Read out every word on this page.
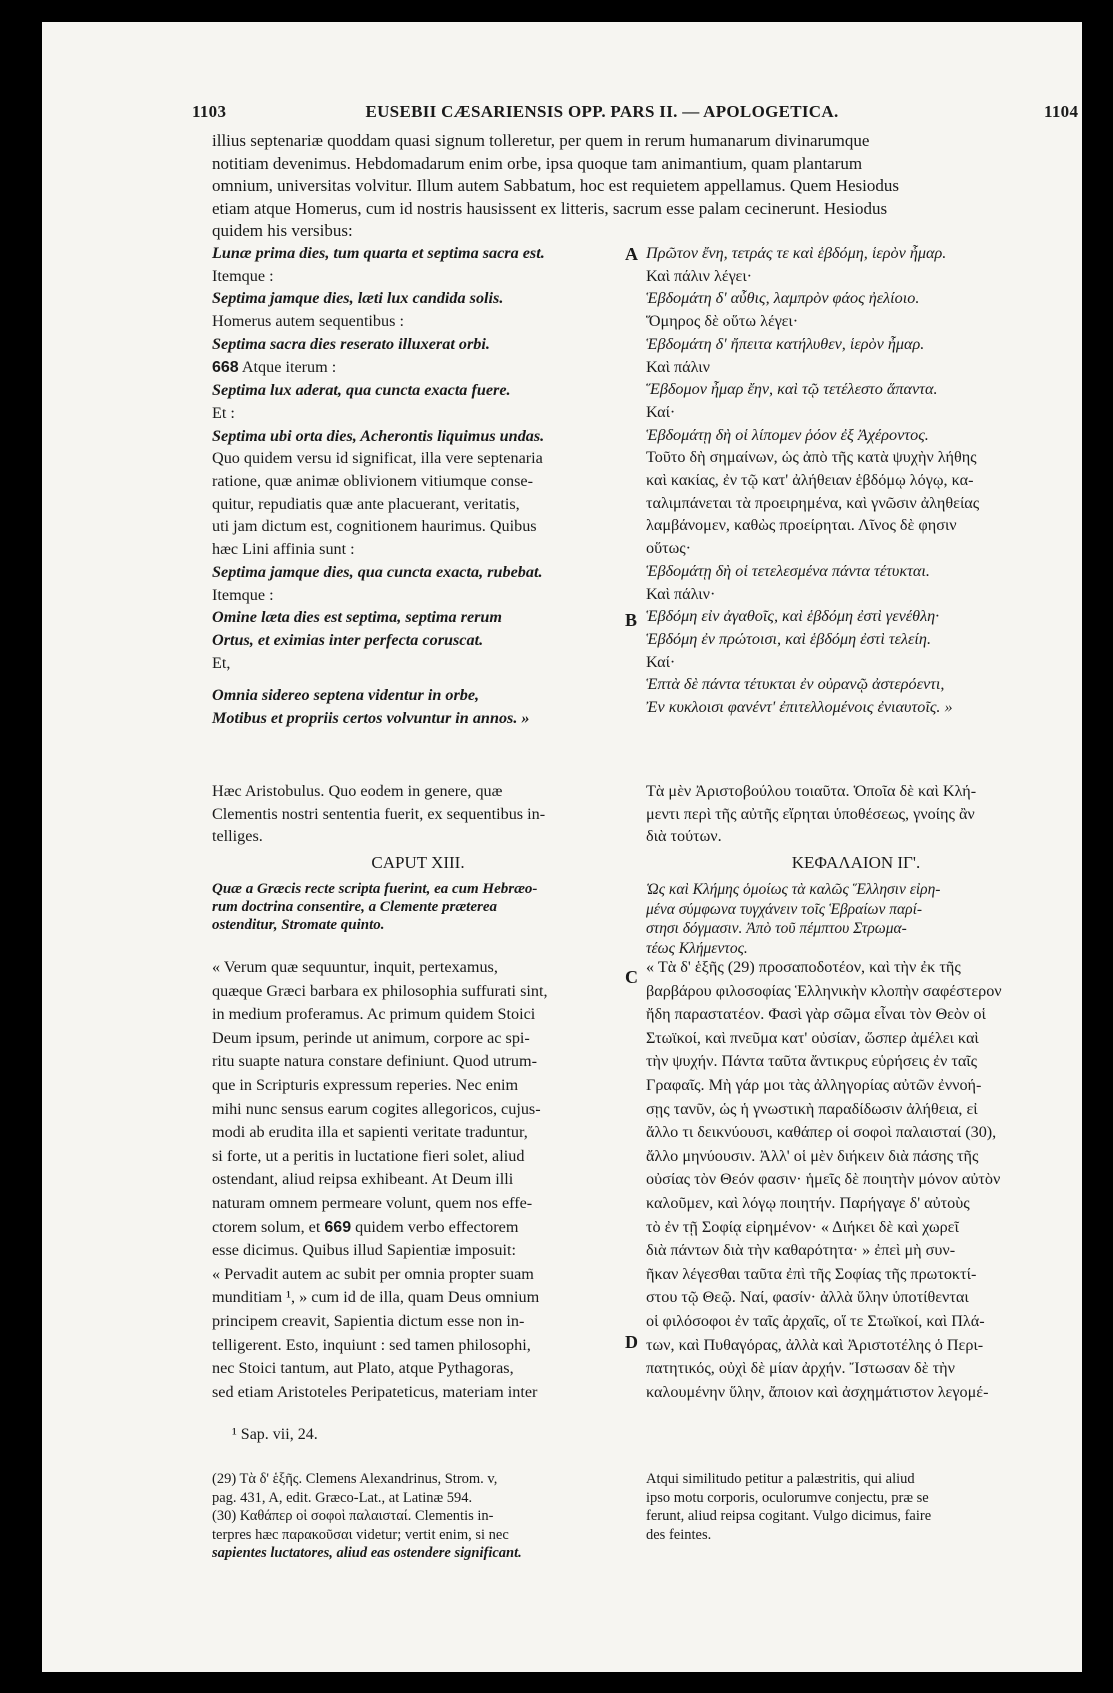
1103	EUSEBII CÆSARIENSIS OPP. PARS II. — APOLOGETICA.	1104
illius septenariæ quoddam quasi signum tolleretur, per quem in rerum humanarum divinarumque
notitiam devenimus. Hebdomadarum enim orbe, ipsa quoque tam animantium, quam plantarum
omnium, universitas volvitur. Illum autem Sabbatum, hoc est requietem appellamus. Quem Hesiodus
etiam atque Homerus, cum id nostris hausissent ex litteris, sacrum esse palam cecinerunt. Hesiodus
quidem his versibus:
A
B
C
D
Lunæ prima dies, tum quarta et septima sacra est.
Itemque :
Septima jamque dies, læti lux candida solis.
Homerus autem sequentibus :
Septima sacra dies reserato illuxerat orbi.
668 Atque iterum :
Septima lux aderat, qua cuncta exacta fuere.
Et :
Septima ubi orta dies, Acherontis liquimus undas.
Quo quidem versu id significat, illa vere septenaria
ratione, quæ animæ oblivionem vitiumque conse-
quitur, repudiatis quæ ante placuerant, veritatis,
uti jam dictum est, cognitionem haurimus. Quibus
hæc Lini affinia sunt :
Septima jamque dies, qua cuncta exacta, rubebat.
Itemque :
Omine læta dies est septima, septima rerum
Ortus, et eximias inter perfecta coruscat.
Et,
Omnia sidereo septena videntur in orbe,
Motibus et propriis certos volvuntur in annos. »
Πρῶτον ἔνη, τετράς τε καὶ ἑβδόμη, ἱερὸν ἦμαρ.
Καὶ πάλιν λέγει·
Ἑβδομάτη δ' αὖθις, λαμπρὸν φάος ἠελίοιο.
Ὅμηρος δὲ οὕτω λέγει·
Ἑβδομάτη δ' ἤπειτα κατήλυθεν, ἱερὸν ἦμαρ.
Καὶ πάλιν
Ἕβδομον ἦμαρ ἔην, καὶ τῷ τετέλεστο ἅπαντα.
Καί·
Ἑβδομάτῃ δὴ οἱ λίπομεν ῥόον ἐξ Ἀχέροντος.
Τοῦτο δὴ σημαίνων, ὡς ἀπὸ τῆς κατὰ ψυχὴν λήθης
καὶ κακίας, ἐν τῷ κατ' ἀλήθειαν ἑβδόμῳ λόγῳ, κα-
ταλιμπάνεται τὰ προειρημένα, καὶ γνῶσιν ἀληθείας
λαμβάνομεν, καθὼς προείρηται. Λῖνος δὲ φησιν
οὕτως·
Ἑβδομάτῃ δὴ οἱ τετελεσμένα πάντα τέτυκται.
Καὶ πάλιν·
Ἑβδόμη εἰν ἀγαθοῖς, καὶ ἑβδόμη ἐστὶ γενέθλη·
Ἑβδόμη ἐν πρώτοισι, καὶ ἑβδόμη ἐστὶ τελείη.
Καί·
Ἑπτὰ δὲ πάντα τέτυκται ἐν οὐρανῷ ἀστερόεντι,
Ἐν κυκλοισι φανέντ' ἐπιτελλομένοις ἐνιαυτοῖς. »
Hæc Aristobulus. Quo eodem in genere, quæ
Clementis nostri sententia fuerit, ex sequentibus in-
telliges.
Τὰ μὲν Ἀριστοβούλου τοιαῦτα. Ὁποῖα δὲ καὶ Κλή-
μεντι περὶ τῆς αὐτῆς εἴρηται ὑποθέσεως, γνοίης ἂν
διὰ τούτων.
CAPUT XIII.	ΚΕΦΑΛΑΙΟΝ ΙΓ'.
Quæ a Græcis recte scripta fuerint, ea cum Hebræo-
rum doctrina consentire, a Clemente præterea
ostenditur, Stromate quinto.
Ὡς καὶ Κλήμης ὁμοίως τὰ καλῶς Ἕλλησιν εἰρη-
μένα σύμφωνα τυγχάνειν τοῖς Ἑβραίων παρί-
στησι δόγμασιν. Ἀπὸ τοῦ πέμπτου Στρωμα-
τέως Κλήμεντος.
« Verum quæ sequuntur, inquit, pertexamus,
quæque Græci barbara ex philosophia suffurati sint,
in medium proferamus. Ac primum quidem Stoici
Deum ipsum, perinde ut animum, corpore ac spi-
ritu suapte natura constare definiunt. Quod utrum-
que in Scripturis expressum reperies. Nec enim
mihi nunc sensus earum cogites allegoricos, cujus-
modi ab erudita illa et sapienti veritate traduntur,
si forte, ut a peritis in luctatione fieri solet, aliud
ostendant, aliud reipsa exhibeant. At Deum illi
naturam omnem permeare volunt, quem nos effe-
ctorem solum, et 669 quidem verbo effectorem
esse dicimus. Quibus illud Sapientiæ imposuit:
« Pervadit autem ac subit per omnia propter suam
munditiam ¹, » cum id de illa, quam Deus omnium
principem creavit, Sapientia dictum esse non in-
telligerent. Esto, inquiunt : sed tamen philosophi,
nec Stoici tantum, aut Plato, atque Pythagoras,
sed etiam Aristoteles Peripateticus, materiam inter
« Τὰ δ' ἑξῆς (29) προσαποδοτέον, καὶ τὴν ἐκ τῆς
βαρβάρου φιλοσοφίας Ἑλληνικὴν κλοπὴν σαφέστερον
ἤδη παραστατέον. Φασὶ γὰρ σῶμα εἶναι τὸν Θεὸν οἱ
Στωϊκοί, καὶ πνεῦμα κατ' οὐσίαν, ὥσπερ ἀμέλει καὶ
τὴν ψυχήν. Πάντα ταῦτα ἄντικρυς εὑρήσεις ἐν ταῖς
Γραφαῖς. Μὴ γάρ μοι τὰς ἀλληγορίας αὐτῶν ἐννοή-
σῃς τανῦν, ὡς ἡ γνωστικὴ παραδίδωσιν ἀλήθεια, εἰ
ἄλλο τι δεικνύουσι, καθάπερ οἱ σοφοὶ παλαισταί (30),
ἄλλο μηνύουσιν. Ἀλλ' οἱ μὲν διήκειν διὰ πάσης τῆς
οὐσίας τὸν Θεόν φασιν· ἡμεῖς δὲ ποιητὴν μόνον αὐτὸν
καλοῦμεν, καὶ λόγῳ ποιητήν. Παρήγαγε δ' αὐτοὺς
τὸ ἐν τῇ Σοφίᾳ εἰρημένον· « Διήκει δὲ καὶ χωρεῖ
διὰ πάντων διὰ τὴν καθαρότητα· » ἐπεὶ μὴ συν-
ῆκαν λέγεσθαι ταῦτα ἐπὶ τῆς Σοφίας τῆς πρωτοκτί-
στου τῷ Θεῷ. Ναί, φασίν· ἀλλὰ ὕλην ὑποτίθενται
οἱ φιλόσοφοι ἐν ταῖς ἀρχαῖς, οἵ τε Στωϊκοί, καὶ Πλά-
των, καὶ Πυθαγόρας, ἀλλὰ καὶ Ἀριστοτέλης ὁ Περι-
πατητικός, οὐχὶ δὲ μίαν ἀρχήν. Ἴστωσαν δὲ τὴν
καλουμένην ὕλην, ἄποιον καὶ ἀσχημάτιστον λεγομέ-
¹ Sap. vii, 24.
(29) Τὰ δ' ἑξῆς. Clemens Alexandrinus, Strom. v,
pag. 431, A, edit. Græco-Lat., at Latinæ 594.
(30) Καθάπερ οἱ σοφοὶ παλαισταί. Clementis in-
terpres hæc παρακοῦσαι videtur; vertit enim, si nec
sapientes luctatores, aliud eas ostendere significant.
Atqui similitudo petitur a palæstritis, qui aliud
ipso motu corporis, oculorumve conjectu, præ se
ferunt, aliud reipsa cogitant. Vulgo dicimus, faire
des feintes.
